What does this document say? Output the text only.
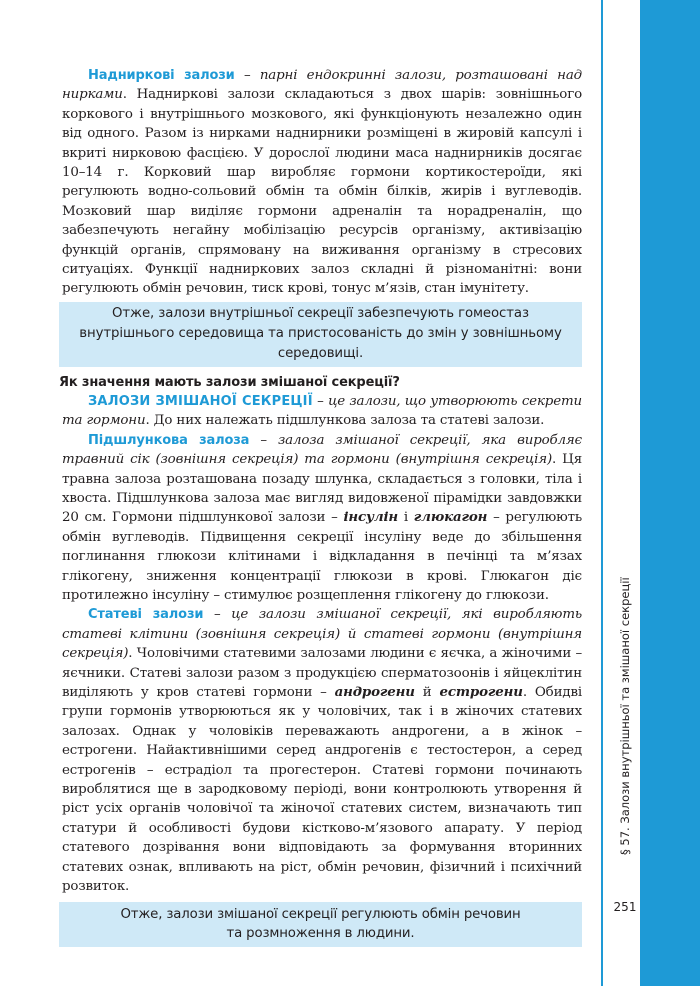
§ 57. Залози внутрішньої та змішаної секреції
251

Надниркові залози – парні ендокринні залози, розташовані над нирками. Надниркові залози складаються з двох шарів: зовнішнього коркового і внутрішнього мозкового, які функціонують незалежно один від одного. Разом із нирками наднирники розміщені в жировій капсулі і вкриті нирковою фасцією. У дорослої людини маса наднирників досягає 10–14 г. Корковий шар виробляє гормони кортикостероїди, які регулюють водно-сольовий обмін та обмін білків, жирів і вуглеводів. Мозковий шар виділяє гормони адреналін та норадреналін, що забезпечують негайну мобілізацію ресурсів організму, активізацію функцій органів, спрямовану на виживання організму в стресових ситуаціях. Функції надниркових залоз складні й різноманітні: вони регулюють обмін речовин, тиск крові, тонус м’язів, стан імунітету.

Отже, залози внутрішньої секреції забезпечують гомеостаз внутрішнього середовища та пристосованість до змін у зовнішньому середовищі.
Як значення мають залози змішаної секреції?

ЗАЛОЗИ ЗМІШАНОЇ СЕКРЕЦІЇ – це залози, що утворюють секрети та гормони. До них належать підшлункова залоза та статеві залози.

Підшлункова залоза – залоза змішаної секреції, яка виробляє травний сік (зовнішня секреція) та гормони (внутрішня секреція). Ця травна залоза розташована позаду шлунка, складається з головки, тіла і хвоста. Підшлункова залоза має вигляд видовженої пірамідки завдовжки 20 см. Гормони підшлункової залози – інсулін і глюкагон – регулюють обмін вуглеводів. Підвищення секреції інсуліну веде до збільшення поглинання глюкози клітинами і відкладання в печінці та м’язах глікогену, зниження концентрації глюкози в крові. Глюкагон діє протилежно інсуліну – стимулює розщеплення глікогену до глюкози.

Статеві залози – це залози змішаної секреції, які виробляють статеві клітини (зовнішня секреція) й статеві гормони (внутрішня секреція). Чоловічими статевими залозами людини є яєчка, а жіночими – яєчники. Статеві залози разом з продукцією сперматозоонів і яйцеклітин виділяють у кров статеві гормони – андрогени й естрогени. Обидві групи гормонів утворюються як у чоловічих, так і в жіночих статевих залозах. Однак у чоловіків переважають андрогени, а в жінок – естрогени. Найактивнішими серед андрогенів є тестостерон, а серед естрогенів – естрадіол та прогестерон. Статеві гормони починають вироблятися ще в зародковому періоді, вони контролюють утворення й ріст усіх органів чоловічої та жіночої статевих систем, визначають тип статури й особливості будови кістково-м’язового апарату. У період статевого дозрівання вони відповідають за формування вторинних статевих ознак, впливають на ріст, обмін речовин, фізичний і психічний розвиток.

Отже, залози змішаної секреції регулюють обмін речовин
та розмноження в людини.
